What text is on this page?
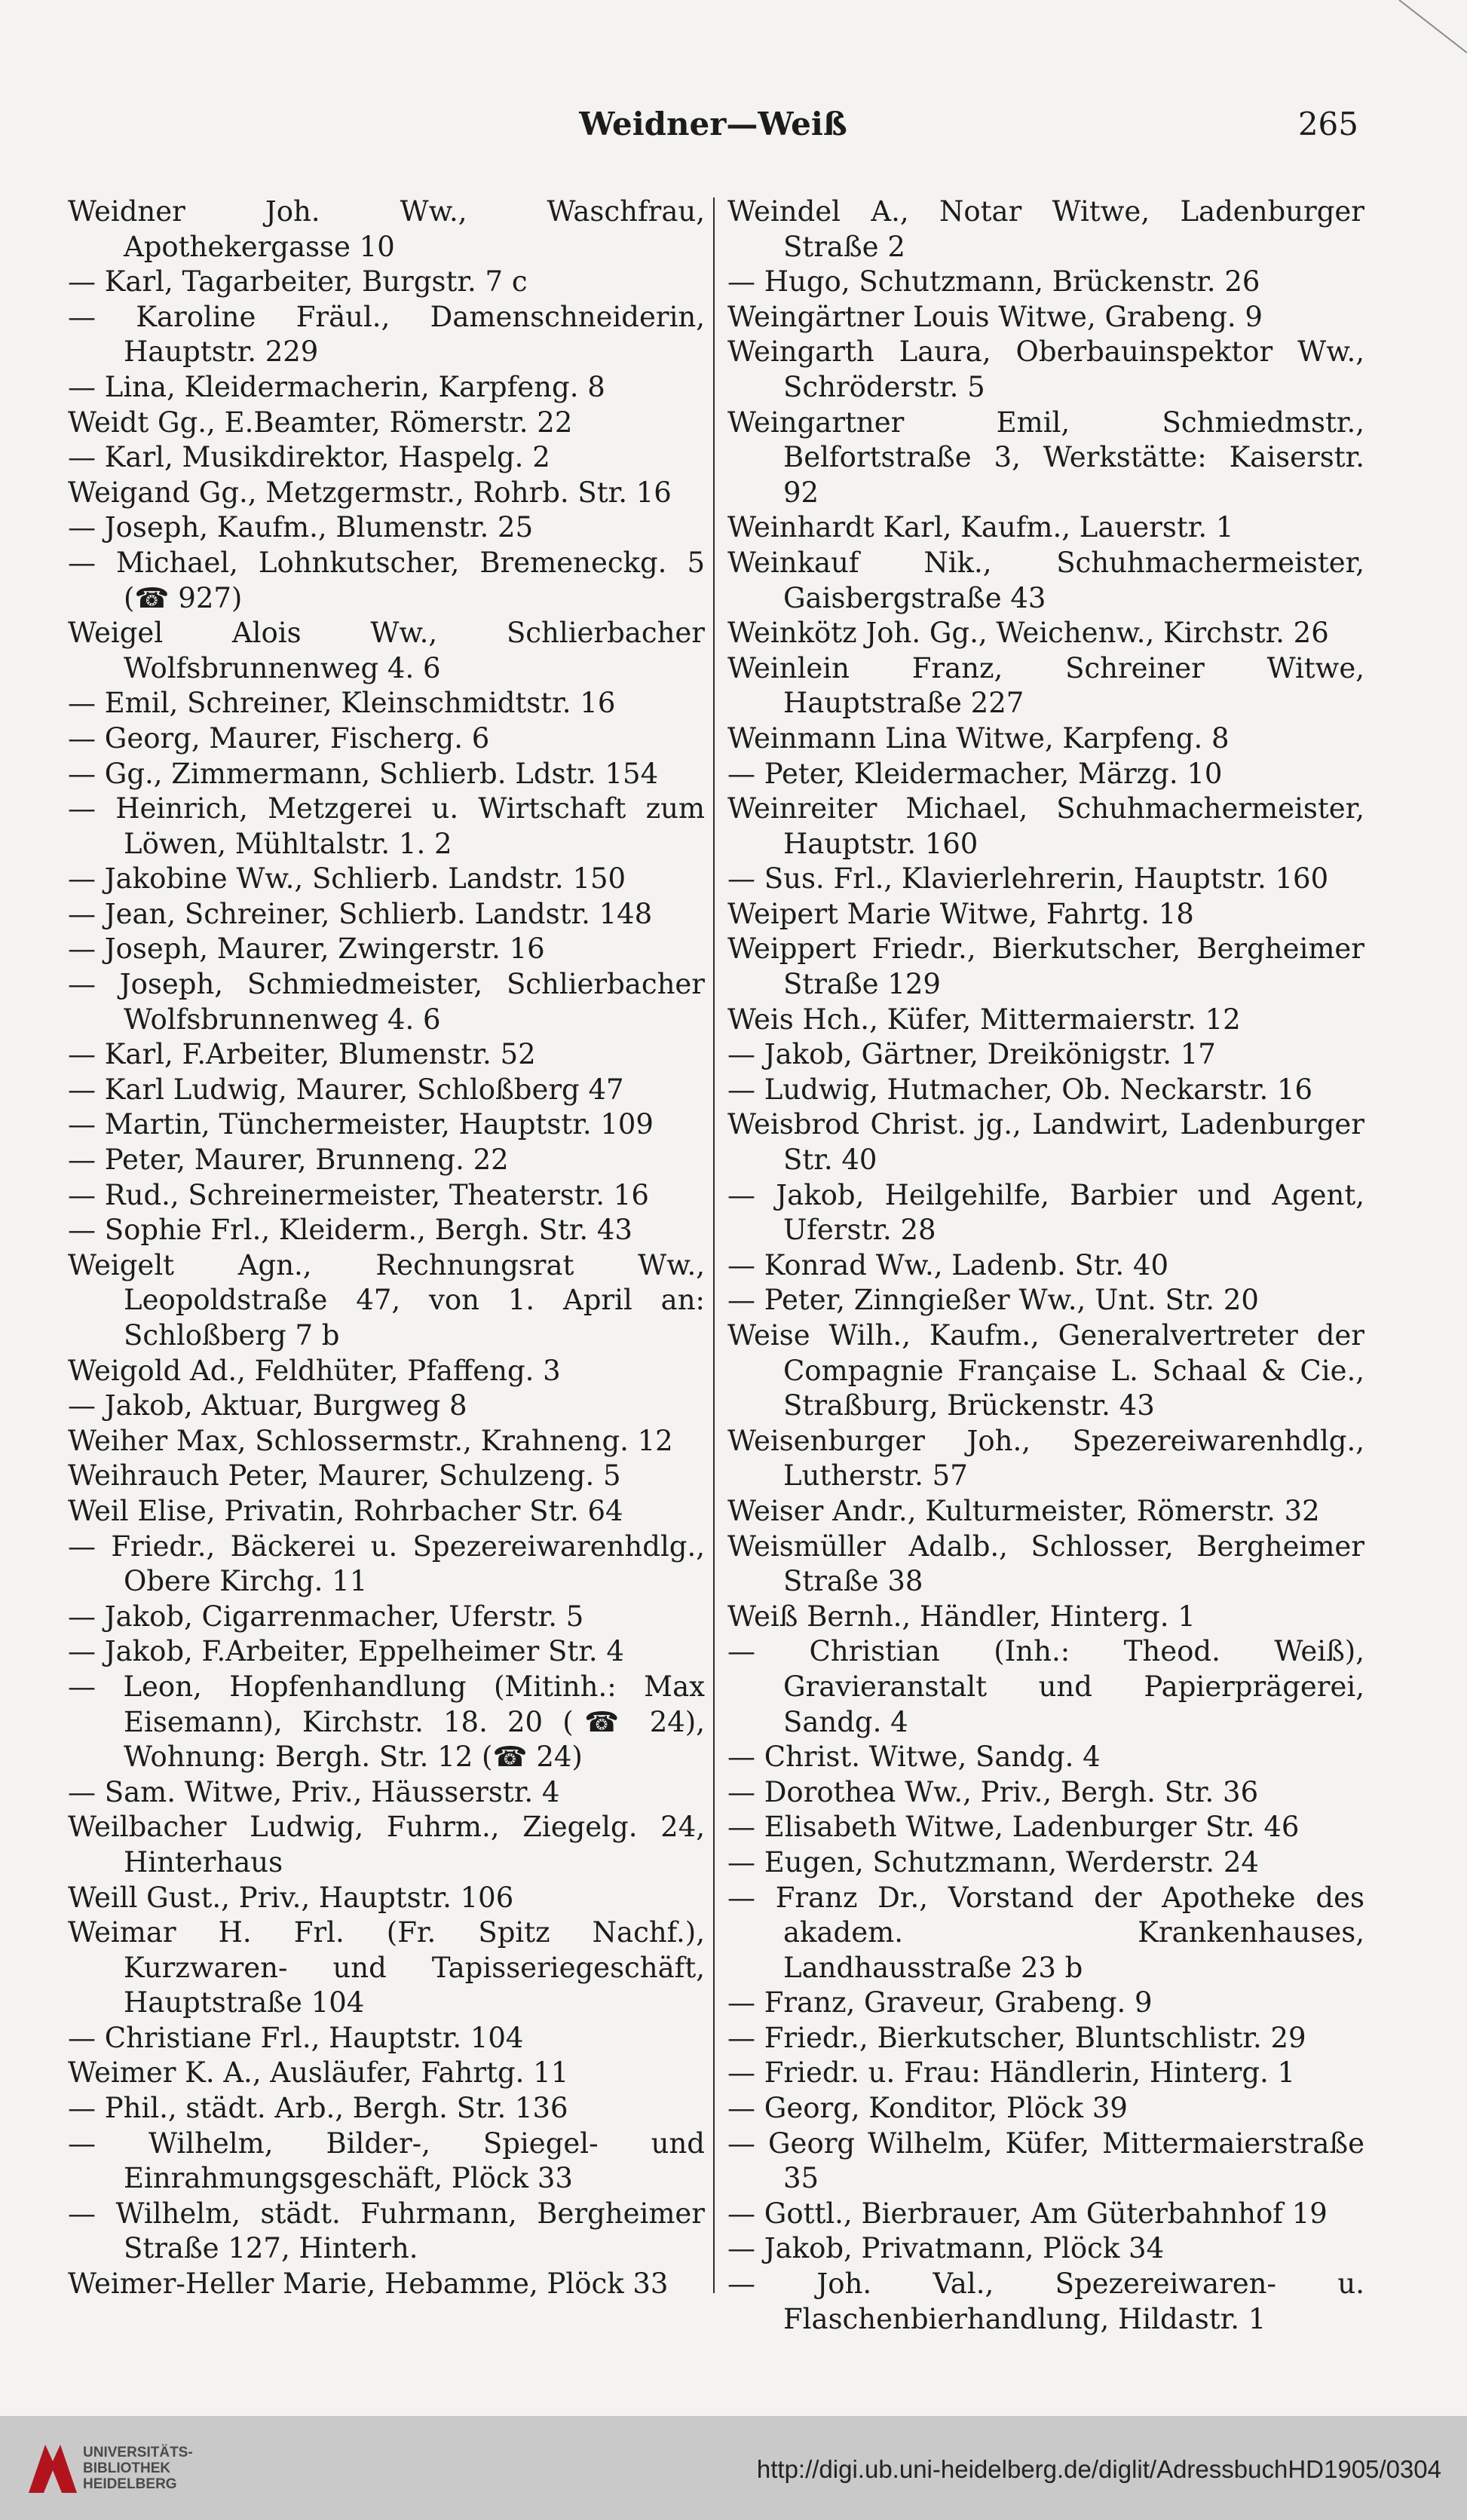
Weidner—Weiß	265

Weidner Joh. Ww., Waschfrau, Apothekergasse 10

— Karl, Tagarbeiter, Burgstr. 7 c

— Karoline Fräul., Damenschneiderin, Hauptstr. 229

— Lina, Kleidermacherin, Karpfeng. 8

Weidt Gg., E.Beamter, Römerstr. 22

— Karl, Musikdirektor, Haspelg. 2

Weigand Gg., Metzgermstr., Rohrb. Str. 16

— Joseph, Kaufm., Blumenstr. 25

— Michael, Lohnkutscher, Bremeneckg. 5 (☎ 927)

Weigel Alois Ww., Schlierbacher Wolfsbrunnenweg 4. 6

— Emil, Schreiner, Kleinschmidtstr. 16

— Georg, Maurer, Fischerg. 6

— Gg., Zimmermann, Schlierb. Ldstr. 154

— Heinrich, Metzgerei u. Wirtschaft zum Löwen, Mühltalstr. 1. 2

— Jakobine Ww., Schlierb. Landstr. 150

— Jean, Schreiner, Schlierb. Landstr. 148

— Joseph, Maurer, Zwingerstr. 16

— Joseph, Schmiedmeister, Schlierbacher Wolfsbrunnenweg 4. 6

— Karl, F.Arbeiter, Blumenstr. 52

— Karl Ludwig, Maurer, Schloßberg 47

— Martin, Tünchermeister, Hauptstr. 109

— Peter, Maurer, Brunneng. 22

— Rud., Schreinermeister, Theaterstr. 16

— Sophie Frl., Kleiderm., Bergh. Str. 43

Weigelt Agn., Rechnungsrat Ww., Leopoldstraße 47, von 1. April an: Schloßberg 7 b

Weigold Ad., Feldhüter, Pfaffeng. 3

— Jakob, Aktuar, Burgweg 8

Weiher Max, Schlossermstr., Krahneng. 12

Weihrauch Peter, Maurer, Schulzeng. 5

Weil Elise, Privatin, Rohrbacher Str. 64

— Friedr., Bäckerei u. Spezereiwarenhdlg., Obere Kirchg. 11

— Jakob, Cigarrenmacher, Uferstr. 5

— Jakob, F.Arbeiter, Eppelheimer Str. 4

— Leon, Hopfenhandlung (Mitinh.: Max Eisemann), Kirchstr. 18. 20 (☎ 24), Wohnung: Bergh. Str. 12 (☎ 24)

— Sam. Witwe, Priv., Häusserstr. 4

Weilbacher Ludwig, Fuhrm., Ziegelg. 24, Hinterhaus

Weill Gust., Priv., Hauptstr. 106

Weimar H. Frl. (Fr. Spitz Nachf.), Kurzwaren- und Tapisseriegeschäft, Hauptstraße 104

— Christiane Frl., Hauptstr. 104

Weimer K. A., Ausläufer, Fahrtg. 11

— Phil., städt. Arb., Bergh. Str. 136

— Wilhelm, Bilder-, Spiegel- und Einrahmungsgeschäft, Plöck 33

— Wilhelm, städt. Fuhrmann, Bergheimer Straße 127, Hinterh.

Weimer-Heller Marie, Hebamme, Plöck 33

Weindel A., Notar Witwe, Ladenburger Straße 2

— Hugo, Schutzmann, Brückenstr. 26

Weingärtner Louis Witwe, Grabeng. 9

Weingarth Laura, Oberbauinspektor Ww., Schröderstr. 5

Weingartner Emil, Schmiedmstr., Belfortstraße 3, Werkstätte: Kaiserstr. 92

Weinhardt Karl, Kaufm., Lauerstr. 1

Weinkauf Nik., Schuhmachermeister, Gaisbergstraße 43

Weinkötz Joh. Gg., Weichenw., Kirchstr. 26

Weinlein Franz, Schreiner Witwe, Hauptstraße 227

Weinmann Lina Witwe, Karpfeng. 8

— Peter, Kleidermacher, Märzg. 10

Weinreiter Michael, Schuhmachermeister, Hauptstr. 160

— Sus. Frl., Klavierlehrerin, Hauptstr. 160

Weipert Marie Witwe, Fahrtg. 18

Weippert Friedr., Bierkutscher, Bergheimer Straße 129

Weis Hch., Küfer, Mittermaierstr. 12

— Jakob, Gärtner, Dreikönigstr. 17

— Ludwig, Hutmacher, Ob. Neckarstr. 16

Weisbrod Christ. jg., Landwirt, Ladenburger Str. 40

— Jakob, Heilgehilfe, Barbier und Agent, Uferstr. 28

— Konrad Ww., Ladenb. Str. 40

— Peter, Zinngießer Ww., Unt. Str. 20

Weise Wilh., Kaufm., Generalvertreter der Compagnie Française L. Schaal & Cie., Straßburg, Brückenstr. 43

Weisenburger Joh., Spezereiwarenhdlg., Lutherstr. 57

Weiser Andr., Kulturmeister, Römerstr. 32

Weismüller Adalb., Schlosser, Bergheimer Straße 38

Weiß Bernh., Händler, Hinterg. 1

— Christian (Inh.: Theod. Weiß), Gravieranstalt und Papierprägerei, Sandg. 4

— Christ. Witwe, Sandg. 4

— Dorothea Ww., Priv., Bergh. Str. 36

— Elisabeth Witwe, Ladenburger Str. 46

— Eugen, Schutzmann, Werderstr. 24

— Franz Dr., Vorstand der Apotheke des akadem. Krankenhauses, Landhausstraße 23 b

— Franz, Graveur, Grabeng. 9

— Friedr., Bierkutscher, Bluntschlistr. 29

— Friedr. u. Frau: Händlerin, Hinterg. 1

— Georg, Konditor, Plöck 39

— Georg Wilhelm, Küfer, Mittermaierstraße 35

— Gottl., Bierbrauer, Am Güterbahnhof 19

— Jakob, Privatmann, Plöck 34

— Joh. Val., Spezereiwaren- u. Flaschenbierhandlung, Hildastr. 1

UNIVERSITÄTS-
BIBLIOTHEK
HEIDELBERG
http://digi.ub.uni-heidelberg.de/diglit/AdressbuchHD1905/0304
